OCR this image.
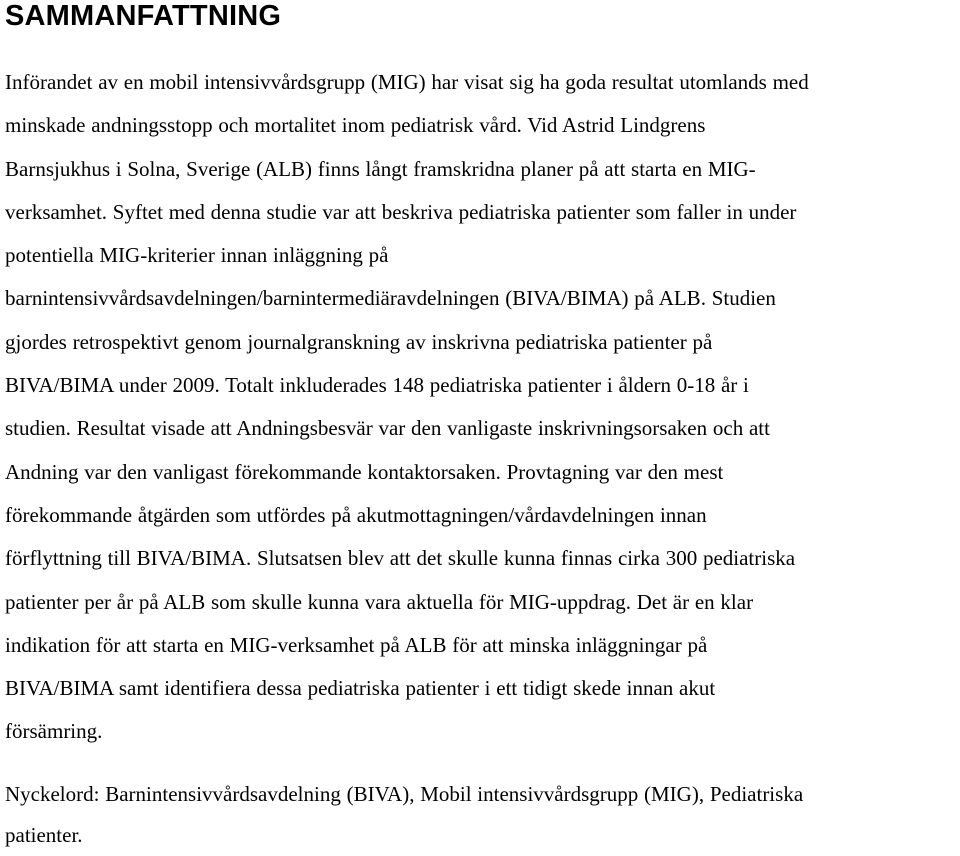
SAMMANFATTNING

Införandet av en mobil intensivvårdsgrupp (MIG) har visat sig ha goda resultat utomlands med
minskade andningsstopp och mortalitet inom pediatrisk vård. Vid Astrid Lindgrens
Barnsjukhus i Solna, Sverige (ALB) finns långt framskridna planer på att starta en MIG-
verksamhet. Syftet med denna studie var att beskriva pediatriska patienter som faller in under
potentiella MIG-kriterier innan inläggning på
barnintensivvårdsavdelningen/barnintermediäravdelningen (BIVA/BIMA) på ALB. Studien
gjordes retrospektivt genom journalgranskning av inskrivna pediatriska patienter på
BIVA/BIMA under 2009. Totalt inkluderades 148 pediatriska patienter i åldern 0-18 år i
studien. Resultat visade att Andningsbesvär var den vanligaste inskrivningsorsaken och att
Andning var den vanligast förekommande kontaktorsaken. Provtagning var den mest
förekommande åtgärden som utfördes på akutmottagningen/vårdavdelningen innan
förflyttning till BIVA/BIMA. Slutsatsen blev att det skulle kunna finnas cirka 300 pediatriska
patienter per år på ALB som skulle kunna vara aktuella för MIG-uppdrag. Det är en klar
indikation för att starta en MIG-verksamhet på ALB för att minska inläggningar på
BIVA/BIMA samt identifiera dessa pediatriska patienter i ett tidigt skede innan akut
försämring.

Nyckelord: Barnintensivvårdsavdelning (BIVA), Mobil intensivvårdsgrupp (MIG), Pediatriska
patienter.
